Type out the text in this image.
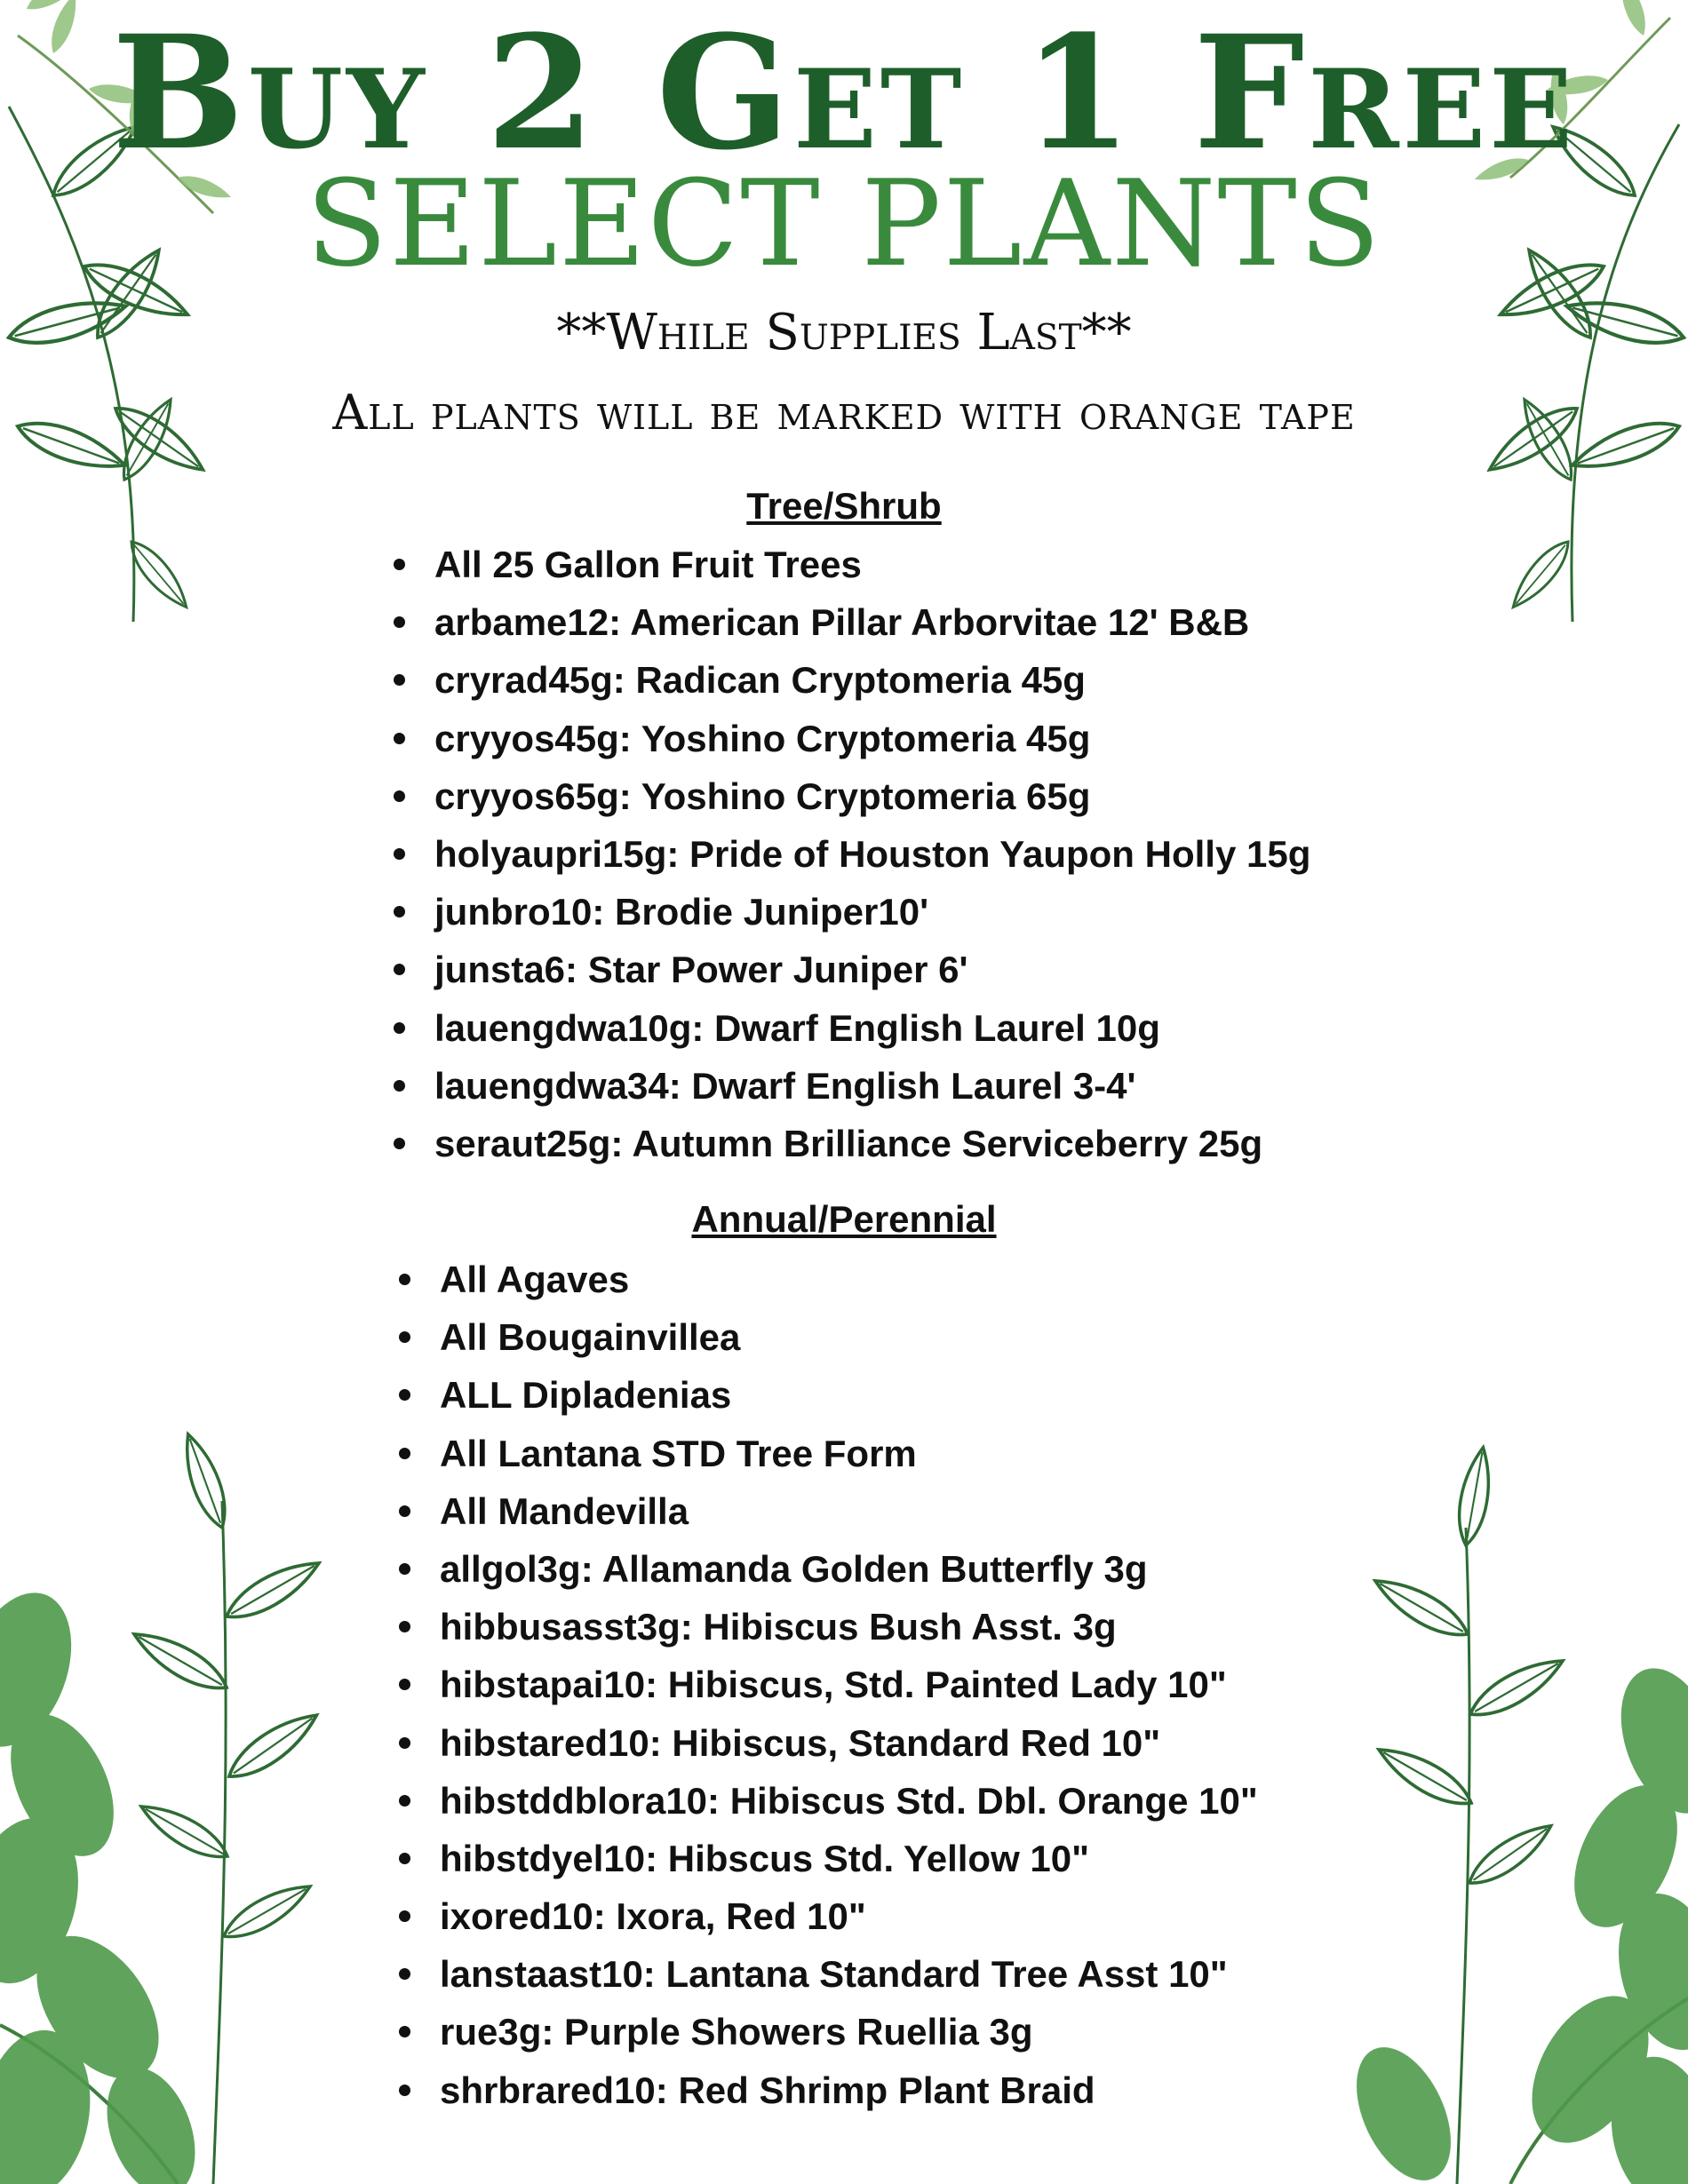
Buy 2 Get 1 Free
SELECT PLANTS
**While Supplies Last**
All plants will be marked with orange tape
Tree/Shrub
All 25 Gallon Fruit Trees
arbame12: American Pillar Arborvitae 12' B&B
cryrad45g: Radican Cryptomeria 45g
cryyos45g: Yoshino Cryptomeria 45g
cryyos65g: Yoshino Cryptomeria 65g
holyaupri15g: Pride of Houston Yaupon Holly 15g
junbro10: Brodie Juniper10'
junsta6: Star Power Juniper 6'
lauengdwa10g: Dwarf English Laurel 10g
lauengdwa34: Dwarf English Laurel 3-4'
seraut25g: Autumn Brilliance Serviceberry 25g
Annual/Perennial
All Agaves
All Bougainvillea
ALL Dipladenias
All Lantana STD Tree Form
All Mandevilla
allgol3g: Allamanda Golden Butterfly 3g
hibbusasst3g: Hibiscus Bush Asst. 3g
hibstapai10: Hibiscus, Std. Painted Lady 10"
hibstared10: Hibiscus, Standard Red 10"
hibstddblora10: Hibiscus Std. Dbl. Orange 10"
hibstdyel10: Hibscus Std. Yellow 10"
ixored10: Ixora, Red 10"
lanstaast10: Lantana Standard Tree Asst 10"
rue3g: Purple Showers Ruellia 3g
shrbrared10: Red Shrimp Plant Braid
